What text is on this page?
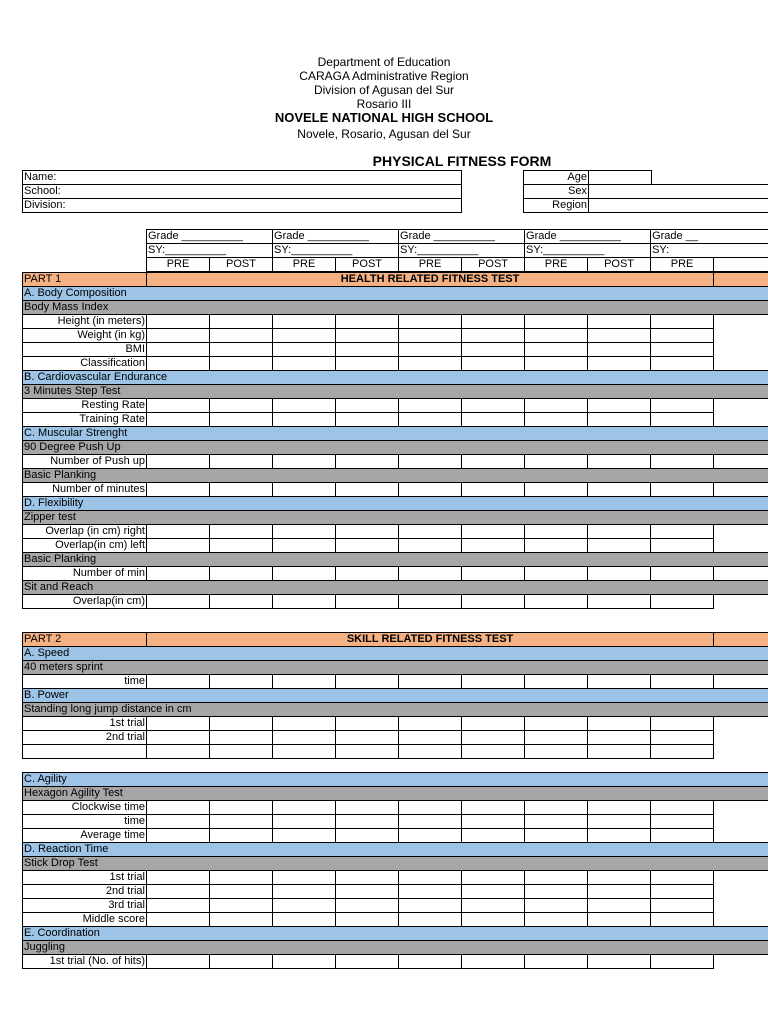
Department of Education
CARAGA Administrative Region
Division of Agusan del Sur
Rosario III
NOVELE NATIONAL HIGH SCHOOL
Novele, Rosario, Agusan del Sur
PHYSICAL FITNESS FORM
Name:
School:
Division:
Age		
Sex		
Region		
Grade __________		Grade __________		Grade __________		Grade __________		Grade __	
SY:__________		SY:__________		SY:__________		SY:__________		SY:	
PRE	POST	PRE	POST	PRE	POST	PRE	POST	PRE	
PART 1	HEALTH RELATED FITNESS TEST									
A. Body Composition										
Body Mass Index										
Height (in meters)										
Weight (in kg)										
BMI										
Classification										
B. Cardiovascular Endurance										
3 Minutes Step Test										
Resting Rate										
Training Rate										
C. Muscular Strenght										
90 Degree Push Up										
Number of Push up										
Basic Planking										
Number of minutes										
D. Flexibility										
Zipper test										
Overlap (in cm) right										
Overlap(in cm) left										
Basic Planking										
Number of min										
Sit and Reach										
Overlap(in cm)										
PART 2	SKILL RELATED FITNESS TEST									
A. Speed										
40 meters sprint										
time										
B. Power										
Standing long jump distance in cm										
1st trial										
2nd trial										

C. Agility										
Hexagon Agility Test										
Clockwise time										
time										
Average time										
D. Reaction Time										
Stick Drop Test										
1st trial										
2nd trial										
3rd trial										
Middle score										
E. Coordination										
Juggling										
1st trial (No. of hits)										
